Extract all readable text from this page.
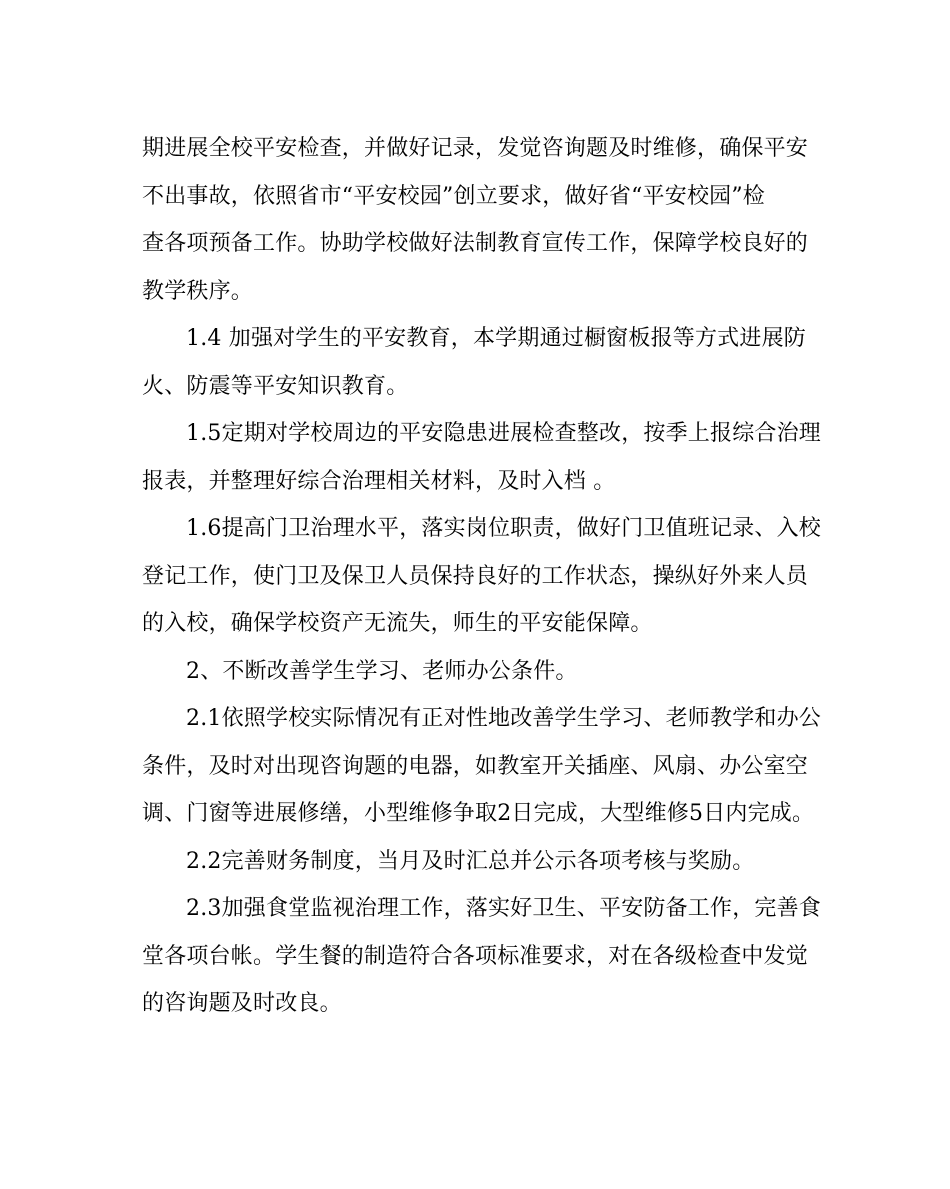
期进展全校平安检查，并做好记录，发觉咨询题及时维修，确保平安
不出事故，依照省市“平安校园”创立要求，做好省“平安校园”检
查各项预备工作。协助学校做好法制教育宣传工作，保障学校良好的
教学秩序。

1.4 加强对学生的平安教育，本学期通过橱窗板报等方式进展防
火、防震等平安知识教育。

1.5定期对学校周边的平安隐患进展检查整改，按季上报综合治理
报表，并整理好综合治理相关材料，及时入档 。

1.6提高门卫治理水平，落实岗位职责，做好门卫值班记录、入校
登记工作，使门卫及保卫人员保持良好的工作状态，操纵好外来人员
的入校，确保学校资产无流失，师生的平安能保障。

2、不断改善学生学习、老师办公条件。

2.1依照学校实际情况有正对性地改善学生学习、老师教学和办公
条件，及时对出现咨询题的电器，如教室开关插座、风扇、办公室空
调、门窗等进展修缮，小型维修争取2日完成，大型维修5日内完成。

2.2完善财务制度，当月及时汇总并公示各项考核与奖励。

2.3加强食堂监视治理工作，落实好卫生、平安防备工作，完善食
堂各项台帐。学生餐的制造符合各项标准要求，对在各级检查中发觉
的咨询题及时改良。
